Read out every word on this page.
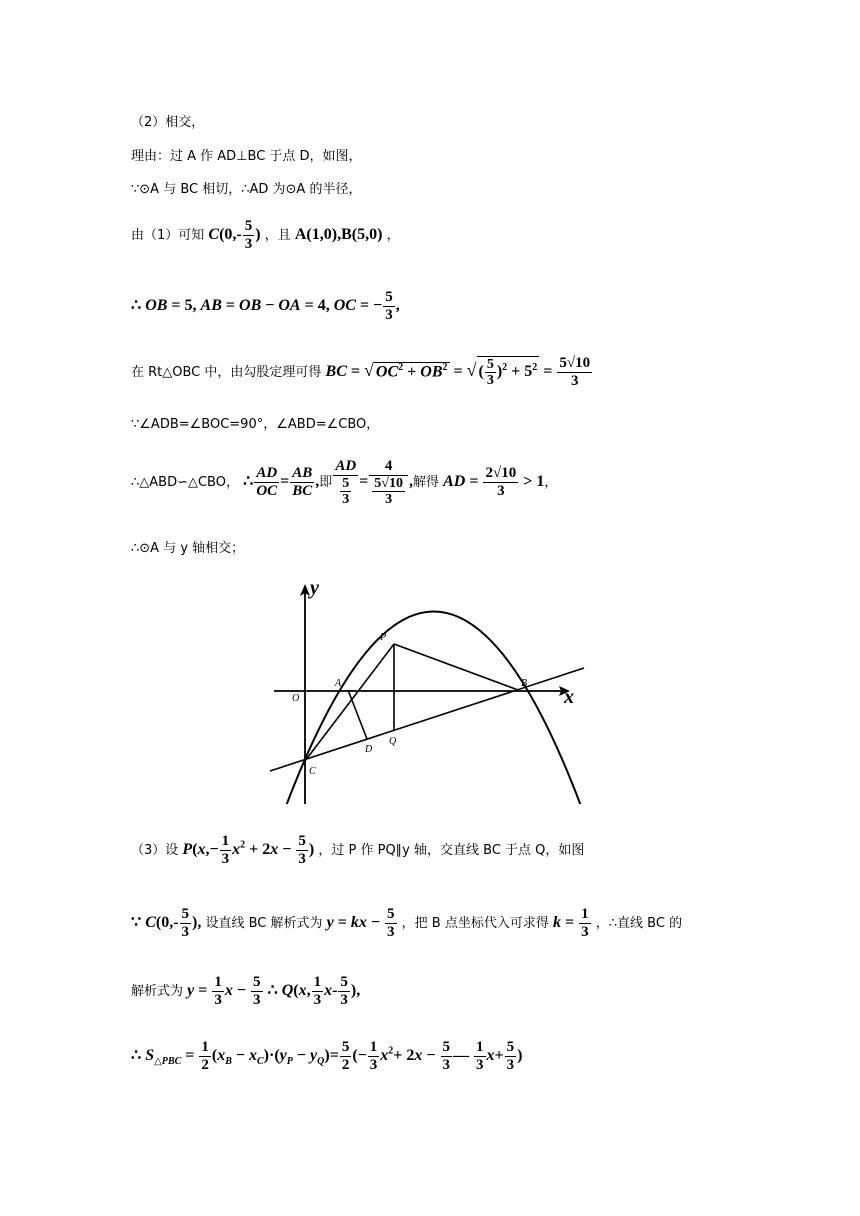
（2）相交，
理由：过 A 作 AD⊥BC 于点 D，如图，
∵⊙A 与 BC 相切，∴AD 为⊙A 的半径，
由（1）可知 $C(0,- \frac{5}{3}$ ) ，且 A(1,0),B(5,0) ，
∴ OB = 5, AB = OB − OA = 4, OC = − $\frac{5}{3}$ ,
在 Rt△OBC 中，由勾股定理可得 BC = √ $OC^2 + OB^2$ = √ ( $\frac{5}{3} )^2 + 5^2 = \frac{5√10}{3}$
∵∠ADB=∠BOC=90°，∠ABD=∠CBO，
∴△ABD∽△CBO， ∴ $\frac{AD}{OC} = \frac{AB}{BC}$ ,即 $\frac{AD}{\frac{5}{3}} = \frac{4}{\frac{5√10}{3}}$ ,解得 AD = $\frac{2√10}{3} > 1$，
∴⊙A 与 y 轴相交；
y
x
O
A	B
C
D
P
Q
（3）设 $P(x,- \frac{1}{3} x^2 + 2x - \frac{5}{3}$ ) ，过 P 作 PQ∥y 轴，交直线 BC 于点 Q，如图
∵ $C(0,- \frac{5}{3}$ ), 设直线 BC 解析式为 y = kx − $\frac{5}{3}$ ，把 B 点坐标代入可求得 $k = \frac{1}{3}$ ，∴直线 BC 的
解析式为 $y = \frac{1}{3}$ $x - \frac{5}{3}$ ∴ Q(x, $\frac{1}{3} x- \frac{5}{3}$ ),
∴ $S_{\triangle PBC} = \frac{1}{2} (x_B - x_C)\cdot(y_P - y_Q)= \frac{5}{2}$ (− $\frac{1}{3} x^2+ 2x - \frac{5}{3}$ — $\frac{1}{3} x+ \frac{5}{3}$ )
